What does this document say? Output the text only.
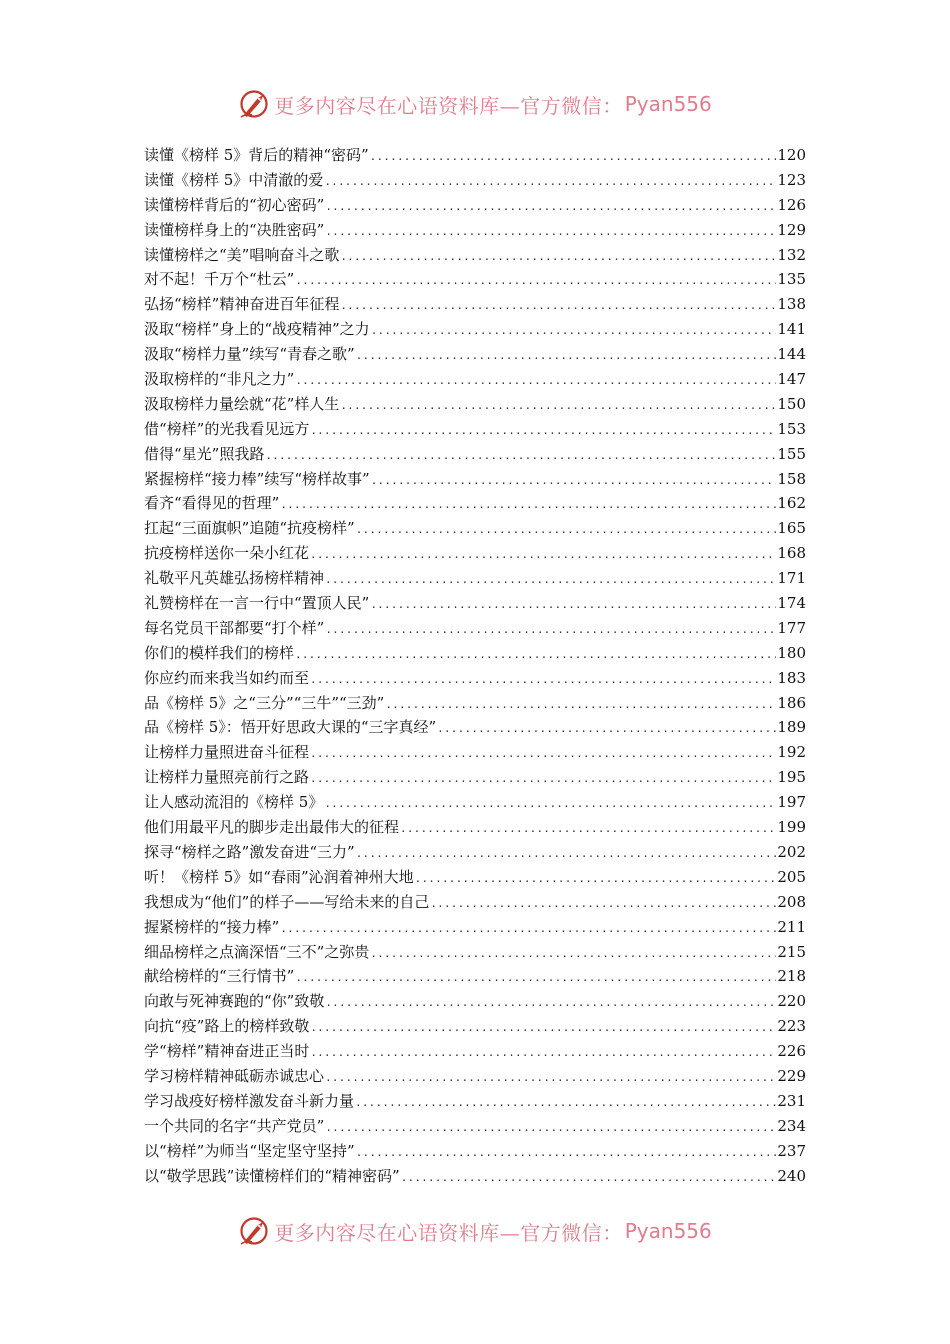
更多内容尽在心语资料库—官方微信： Pyan556
读懂《榜样 5》背后的精神“密码” .....	120
读懂《榜样 5》中清澈的爱 .....	123
读懂榜样背后的“初心密码” .....	126
读懂榜样身上的“决胜密码” .....	129
读懂榜样之“美”唱响奋斗之歌 .....	132
对不起！千万个“杜云” .....	135
弘扬“榜样”精神奋进百年征程 .....	138
汲取“榜样”身上的“战疫精神”之力 .....	141
汲取“榜样力量”续写“青春之歌” .....	144
汲取榜样的“非凡之力” .....	147
汲取榜样力量绘就“花”样人生 .....	150
借“榜样”的光我看见远方 .....	153
借得“星光”照我路 .....	155
紧握榜样“接力棒”续写“榜样故事” .....	158
看齐“看得见的哲理” .....	162
扛起“三面旗帜”追随“抗疫榜样” .....	165
抗疫榜样送你一朵小红花 .....	168
礼敬平凡英雄弘扬榜样精神 .....	171
礼赞榜样在一言一行中“置顶人民” .....	174
每名党员干部都要“打个样” .....	177
你们的模样我们的榜样 .....	180
你应约而来我当如约而至 .....	183
品《榜样 5》之“三分”“三牛”“三劲” .....	186
品《榜样 5》：悟开好思政大课的“三字真经” .....	189
让榜样力量照进奋斗征程 .....	192
让榜样力量照亮前行之路 .....	195
让人感动流泪的《榜样 5》 .....	197
他们用最平凡的脚步走出最伟大的征程 .....	199
探寻“榜样之路”激发奋进“三力” .....	202
听！《榜样 5》如“春雨”沁润着神州大地 .....	205
我想成为“他们”的样子——写给未来的自己 .....	208
握紧榜样的“接力棒” .....	211
细品榜样之点滴深悟“三不”之弥贵 .....	215
献给榜样的“三行情书” .....	218
向敢与死神赛跑的“你”致敬 .....	220
向抗“疫”路上的榜样致敬 .....	223
学“榜样”精神奋进正当时 .....	226
学习榜样精神砥砺赤诚忠心 .....	229
学习战疫好榜样激发奋斗新力量 .....	231
一个共同的名字“共产党员” .....	234
以“榜样”为师当“坚定坚守坚持” .....	237
以“敬学思践”读懂榜样们的“精神密码” .....	240
更多内容尽在心语资料库—官方微信： Pyan556
